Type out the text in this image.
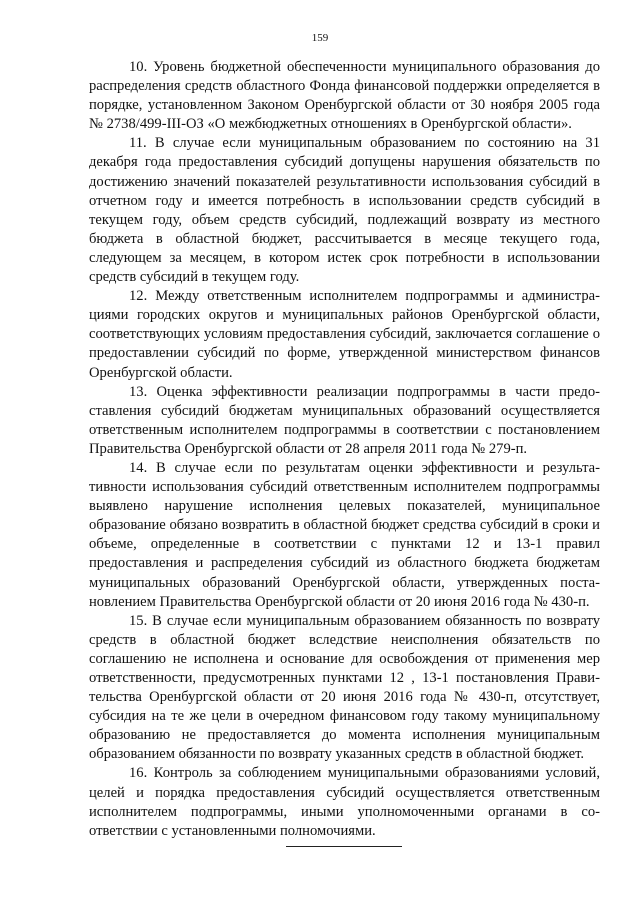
159

10. Уровень бюджетной обеспеченности муниципального образования до распределения средств областного Фонда финансовой поддержки определяется в порядке, установленном Законом Оренбургской области от 30 ноября 2005 года № 2738/499-III-ОЗ «О межбюджетных отношениях в Оренбургской области».

11. В случае если муниципальным образованием по состоянию на 31 декабря года предоставления субсидий допущены нарушения обязательств по достижению значений показателей результативности использования субсидий в отчетном году и имеется потребность в использовании средств субсидий в текущем году, объем средств субсидий, подлежащий возврату из местного бюджета в областной бюджет, рассчитывается в месяце текущего года, следующем за месяцем, в котором истек срок потребности в использовании средств субсидий в текущем году.

12. Между ответственным исполнителем подпрограммы и администрациями городских округов и муниципальных районов Оренбургской области, соответствующих условиям предоставления субсидий, заключается соглашение о предоставлении субсидий по форме, утвержденной министерством финансов Оренбургской области.

13. Оценка эффективности реализации подпрограммы в части предоставления субсидий бюджетам муниципальных образований осуществляется ответственным исполнителем подпрограммы в соответствии с постановлением Правительства Оренбургской области от 28 апреля 2011 года № 279-п.

14. В случае если по результатам оценки эффективности и результативности использования субсидий ответственным исполнителем подпрограммы выявлено нарушение исполнения целевых показателей, муниципальное образование обязано возвратить в областной бюджет средства субсидий в сроки и объеме, определенные в соответствии с пунктами 12 и 13-1 правил предоставления и распределения субсидий из областного бюджета бюджетам муниципальных образований Оренбургской области, утвержденных постановлением Правительства Оренбургской области от 20 июня 2016 года № 430-п.

15. В случае если муниципальным образованием обязанность по возврату средств в областной бюджет вследствие неисполнения обязательств по соглашению не исполнена и основание для освобождения от применения мер ответственности, предусмотренных пунктами 12 , 13-1 постановления Правительства Оренбургской области от 20 июня 2016 года № 430-п, отсутствует, субсидия на те же цели в очередном финансовом году такому муниципальному образованию не предоставляется до момента исполнения муниципальным образованием обязанности по возврату указанных средств в областной бюджет.

16. Контроль за соблюдением муниципальными образованиями условий, целей и порядка предоставления субсидий осуществляется ответственным исполнителем подпрограммы, иными уполномоченными органами в соответствии с установленными полномочиями.
